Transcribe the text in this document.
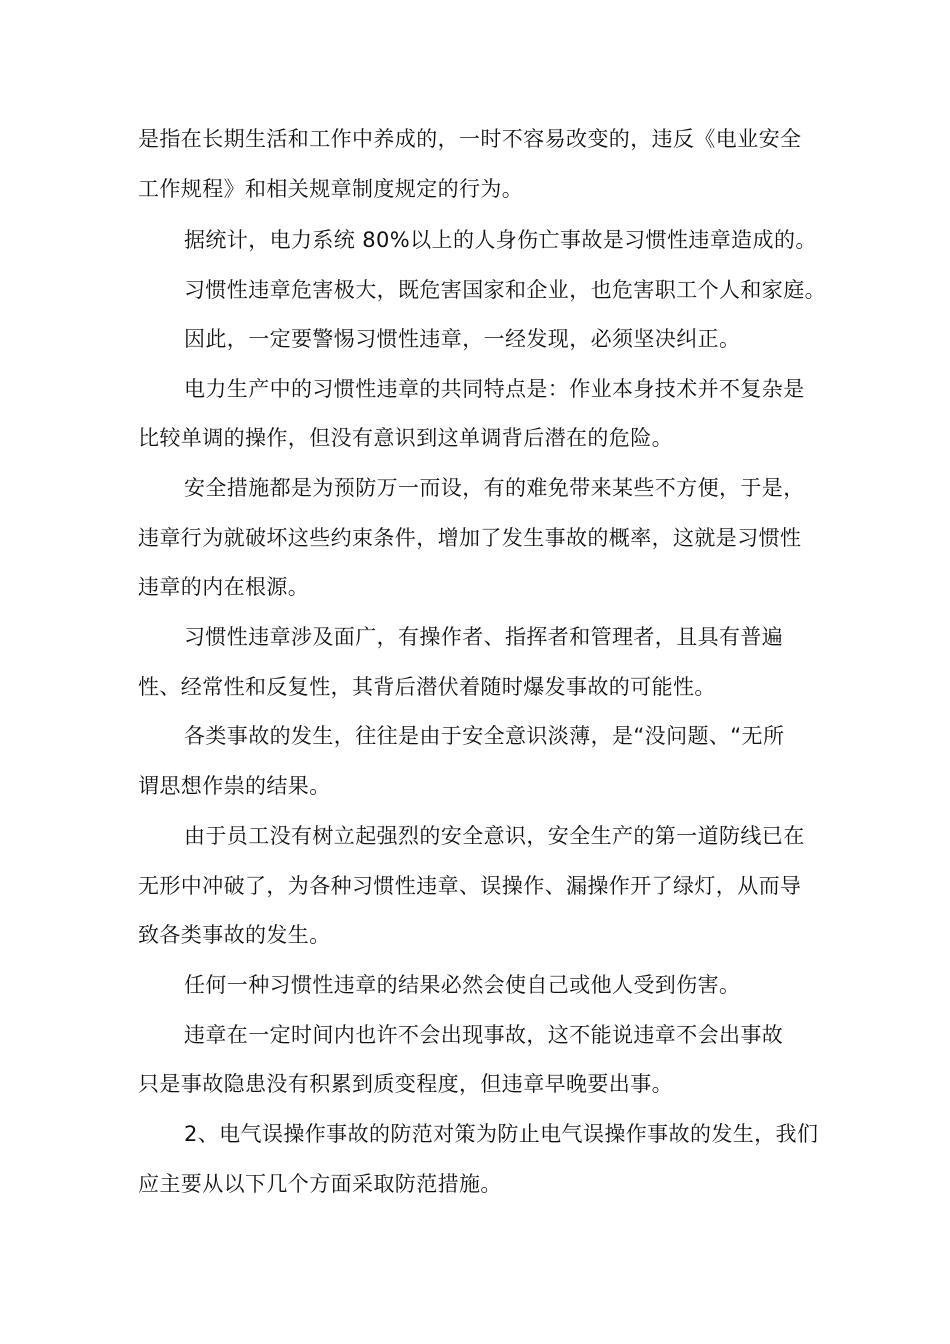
是指在长期生活和工作中养成的，一时不容易改变的，违反《电业安全
工作规程》和相关规章制度规定的行为。
据统计，电力系统 80%以上的人身伤亡事故是习惯性违章造成的。
习惯性违章危害极大，既危害国家和企业，也危害职工个人和家庭。
因此，一定要警惕习惯性违章，一经发现，必须坚决纠正。
电力生产中的习惯性违章的共同特点是：作业本身技术并不复杂是
比较单调的操作，但没有意识到这单调背后潜在的危险。
安全措施都是为预防万一而设，有的难免带来某些不方便，于是，
违章行为就破坏这些约束条件，增加了发生事故的概率，这就是习惯性
违章的内在根源。
习惯性违章涉及面广，有操作者、指挥者和管理者，且具有普遍
性、经常性和反复性，其背后潜伏着随时爆发事故的可能性。
各类事故的发生，往往是由于安全意识淡薄，是“没问题、“无所
谓思想作祟的结果。
由于员工没有树立起强烈的安全意识，安全生产的第一道防线已在
无形中冲破了，为各种习惯性违章、误操作、漏操作开了绿灯，从而导
致各类事故的发生。
任何一种习惯性违章的结果必然会使自己或他人受到伤害。
违章在一定时间内也许不会出现事故，这不能说违章不会出事故
只是事故隐患没有积累到质变程度，但违章早晚要出事。
2、电气误操作事故的防范对策为防止电气误操作事故的发生，我们
应主要从以下几个方面采取防范措施。
